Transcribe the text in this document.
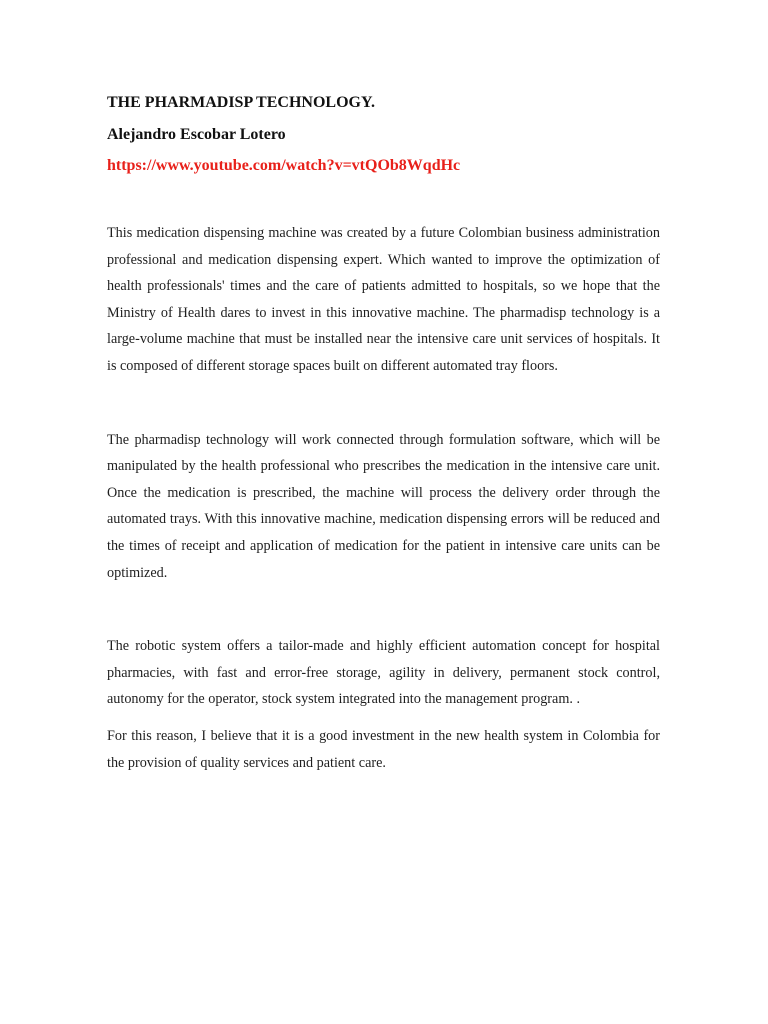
THE PHARMADISP TECHNOLOGY.
Alejandro Escobar Lotero
https://www.youtube.com/watch?v=vtQOb8WqdHc

This medication dispensing machine was created by a future Colombian business administration professional and medication dispensing expert. Which wanted to improve the optimization of health professionals' times and the care of patients admitted to hospitals, so we hope that the Ministry of Health dares to invest in this innovative machine. The pharmadisp technology is a large-volume machine that must be installed near the intensive care unit services of hospitals. It is composed of different storage spaces built on different automated tray floors.

The pharmadisp technology will work connected through formulation software, which will be manipulated by the health professional who prescribes the medication in the intensive care unit. Once the medication is prescribed, the machine will process the delivery order through the automated trays. With this innovative machine, medication dispensing errors will be reduced and the times of receipt and application of medication for the patient in intensive care units can be optimized.

The robotic system offers a tailor-made and highly efficient automation concept for hospital pharmacies, with fast and error-free storage, agility in delivery, permanent stock control, autonomy for the operator, stock system integrated into the management program. .

For this reason, I believe that it is a good investment in the new health system in Colombia for the provision of quality services and patient care.
